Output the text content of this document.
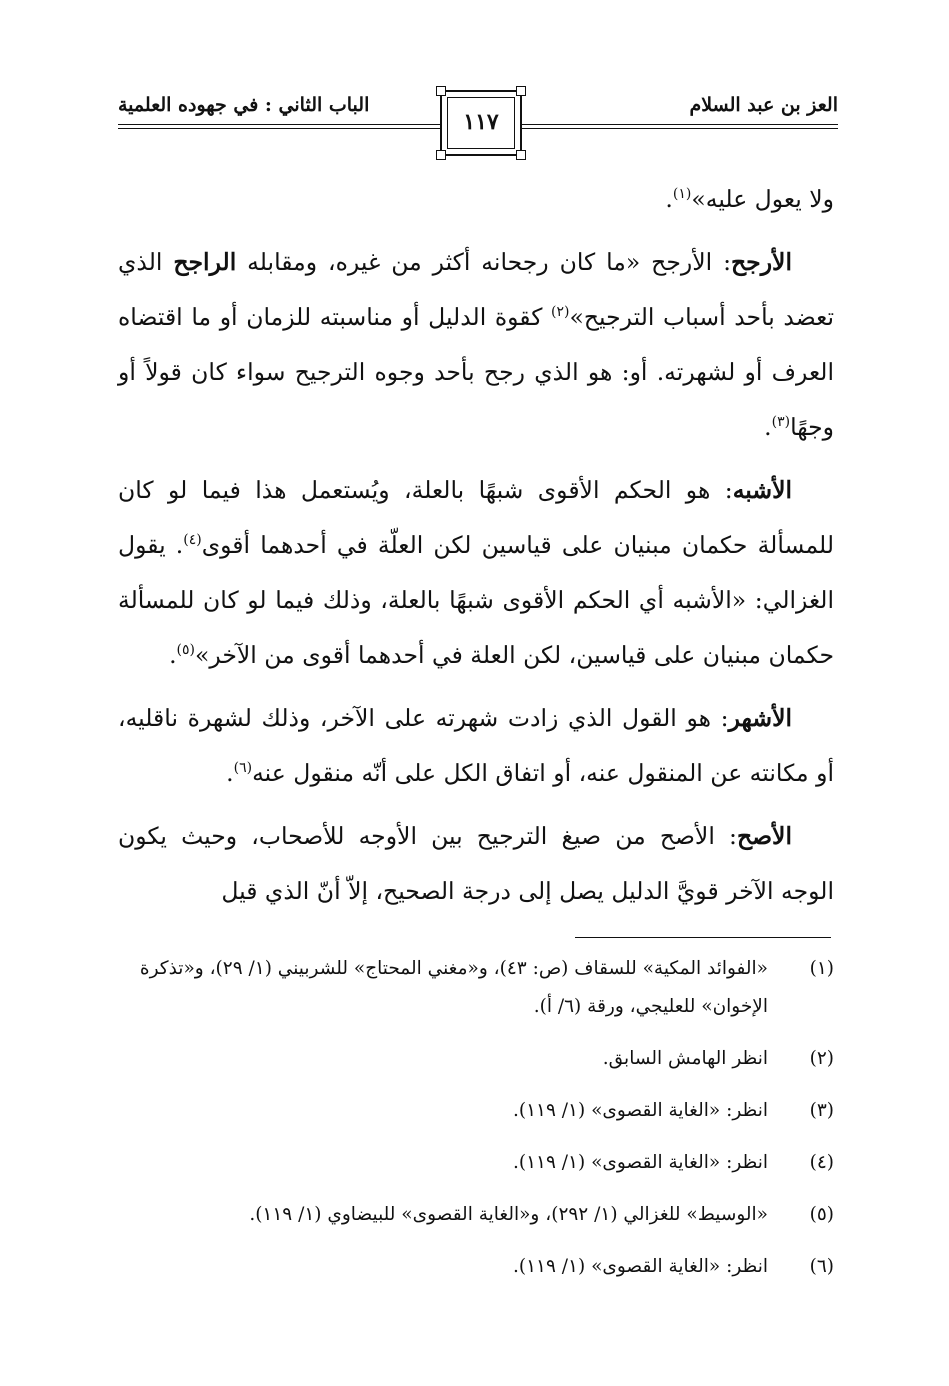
العز بن عبد السلام
الباب الثاني : في جهوده العلمية
١١٧

ولا يعول عليه»$^{(١)}$.

الأرجح: الأرجح «ما كان رجحانه أكثر من غيره، ومقابله الراجح الذي تعضد بأحد أسباب الترجيح»$^{(٢)}$ كقوة الدليل أو مناسبته للزمان أو ما اقتضاه العرف أو لشهرته. أو: هو الذي رجح بأحد وجوه الترجيح سواء كان قولاً أو وجهًا$^{(٣)}$.

الأشبه: هو الحكم الأقوى شبهًا بالعلة، ويُستعمل هذا فيما لو كان للمسألة حكمان مبنيان على قياسين لكن العلّة في أحدهما أقوى$^{(٤)}$. يقول الغزالي: «الأشبه أي الحكم الأقوى شبهًا بالعلة، وذلك فيما لو كان للمسألة حكمان مبنيان على قياسين، لكن العلة في أحدهما أقوى من الآخر»$^{(٥)}$.

الأشهر: هو القول الذي زادت شهرته على الآخر، وذلك لشهرة ناقليه، أو مكانته عن المنقول عنه، أو اتفاق الكل على أنّه منقول عنه$^{(٦)}$.

الأصح: الأصح من صيغ الترجيح بين الأوجه للأصحاب، وحيث يكون الوجه الآخر قويَّ الدليل يصل إلى درجة الصحيح، إلاّ أنّ الذي قيل

(١)
«الفوائد المكية» للسقاف (ص: ٤٣)، و«مغني المحتاج» للشربيني (١/ ٢٩)، و«تذكرة الإخوان» للعليجي، ورقة (٦/ أ).
(٢)
انظر الهامش السابق.
(٣)
انظر: «الغاية القصوى» (١/ ١١٩).
(٤)
انظر: «الغاية القصوى» (١/ ١١٩).
(٥)
«الوسيط» للغزالي (١/ ٢٩٢)، و«الغاية القصوى» للبيضاوي (١/ ١١٩).
(٦)
انظر: «الغاية القصوى» (١/ ١١٩).
